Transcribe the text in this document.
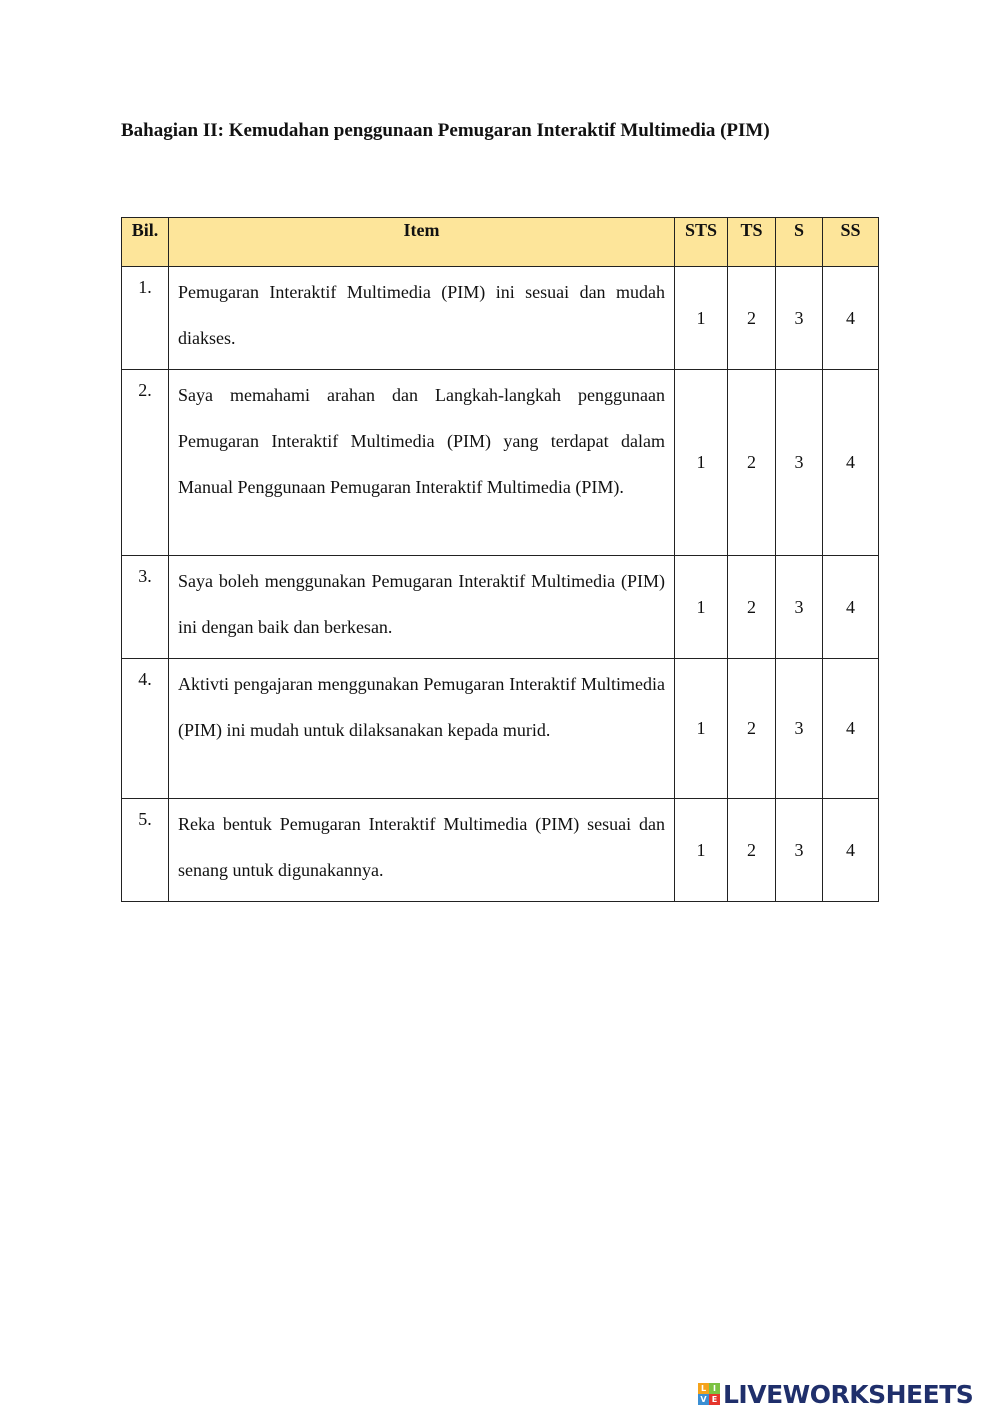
Bahagian II: Kemudahan penggunaan Pemugaran Interaktif Multimedia (PIM)
Bil.	Item	STS	TS	S	SS
1.	Pemugaran Interaktif Multimedia (PIM) ini sesuai dan mudah diakses.	1	2	3	4
2.	Saya memahami arahan dan Langkah-langkah penggunaan Pemugaran Interaktif Multimedia (PIM) yang terdapat dalam Manual Penggunaan Pemugaran Interaktif Multimedia (PIM).	1	2	3	4
3.	Saya boleh menggunakan Pemugaran Interaktif Multimedia (PIM) ini dengan baik dan berkesan.	1	2	3	4
4.	Aktivti pengajaran menggunakan Pemugaran Interaktif Multimedia (PIM) ini mudah untuk dilaksanakan kepada murid.	1	2	3	4
5.	Reka bentuk Pemugaran Interaktif Multimedia (PIM) sesuai dan senang untuk digunakannya.	1	2	3	4
L I
V E LIVEWORKSHEETS
